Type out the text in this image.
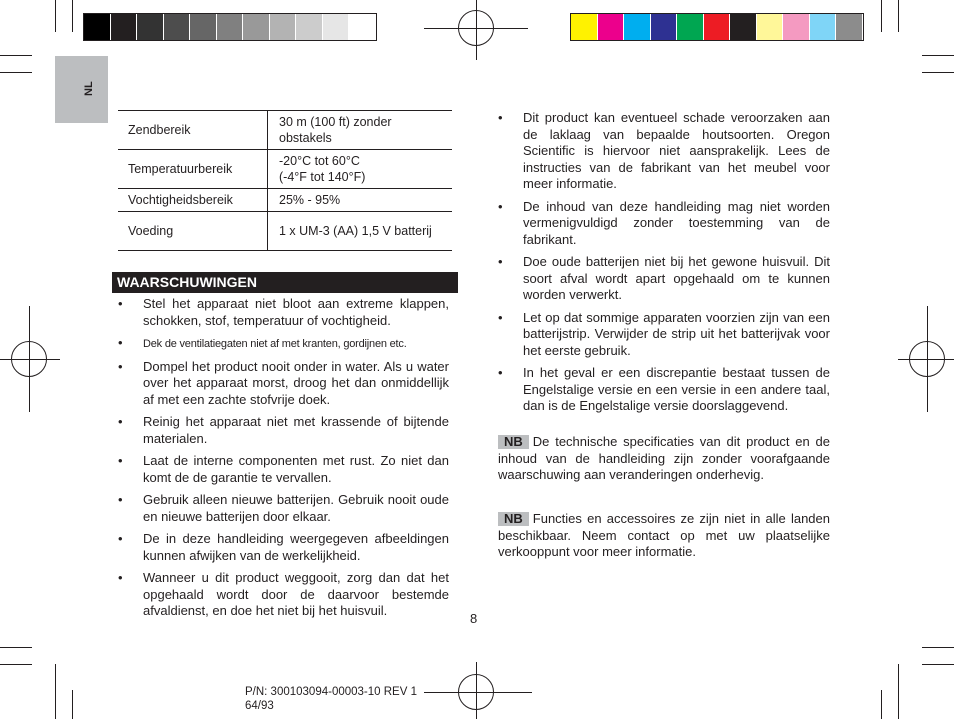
NL
Zendbereik	30 m (100 ft) zonder obstakels
Temperatuurbereik	-20°C tot 60°C
(-4°F tot 140°F)
Vochtigheidsbereik	25% - 95%
Voeding	1 x UM-3 (AA) 1,5 V batterij
WAARSCHUWINGEN
• Stel het apparaat niet bloot aan extreme klappen, schokken, stof, temperatuur of vochtigheid.
• Dek de ventilatiegaten niet af met kranten, gordijnen etc.
• Dompel het product nooit onder in water. Als u water over het apparaat morst, droog het dan onmiddellijk af met een zachte stofvrije doek.
• Reinig het apparaat niet met krassende of bijtende materialen.
• Laat de interne componenten met rust. Zo niet dan komt de de garantie te vervallen.
• Gebruik alleen nieuwe batterijen. Gebruik nooit oude en nieuwe batterijen door elkaar.
• De in deze handleiding weergegeven afbeeldingen kunnen afwijken van de werkelijkheid.
• Wanneer u dit product weggooit, zorg dan dat het opgehaald wordt door de daarvoor bestemde afvaldienst, en doe het niet bij het huisvuil.
• Dit product kan eventueel schade veroorzaken aan de laklaag van bepaalde houtsoorten. Oregon Scientific is hiervoor niet aansprakelijk. Lees de instructies van de fabrikant van het meubel voor meer informatie.
• De inhoud van deze handleiding mag niet worden vermenigvuldigd zonder toestemming van de fabrikant.
• Doe oude batterijen niet bij het gewone huisvuil. Dit soort afval wordt apart opgehaald om te kunnen worden verwerkt.
• Let op dat sommige apparaten voorzien zijn van een batterijstrip. Verwijder de strip uit het batterijvak voor het eerste gebruik.
• In het geval er een discrepantie bestaat tussen de Engelstalige versie en een versie in een andere taal, dan is de Engelstalige versie doorslaggevend.
NB De technische specificaties van dit product en de inhoud van de handleiding zijn zonder voorafgaande waarschuwing aan veranderingen onderhevig.
NB Functies en accessoires ze zijn niet in alle landen beschikbaar. Neem contact op met uw plaatselijke verkooppunt voor meer informatie.
8
P/N: 300103094-00003-10 REV 1
64/93
